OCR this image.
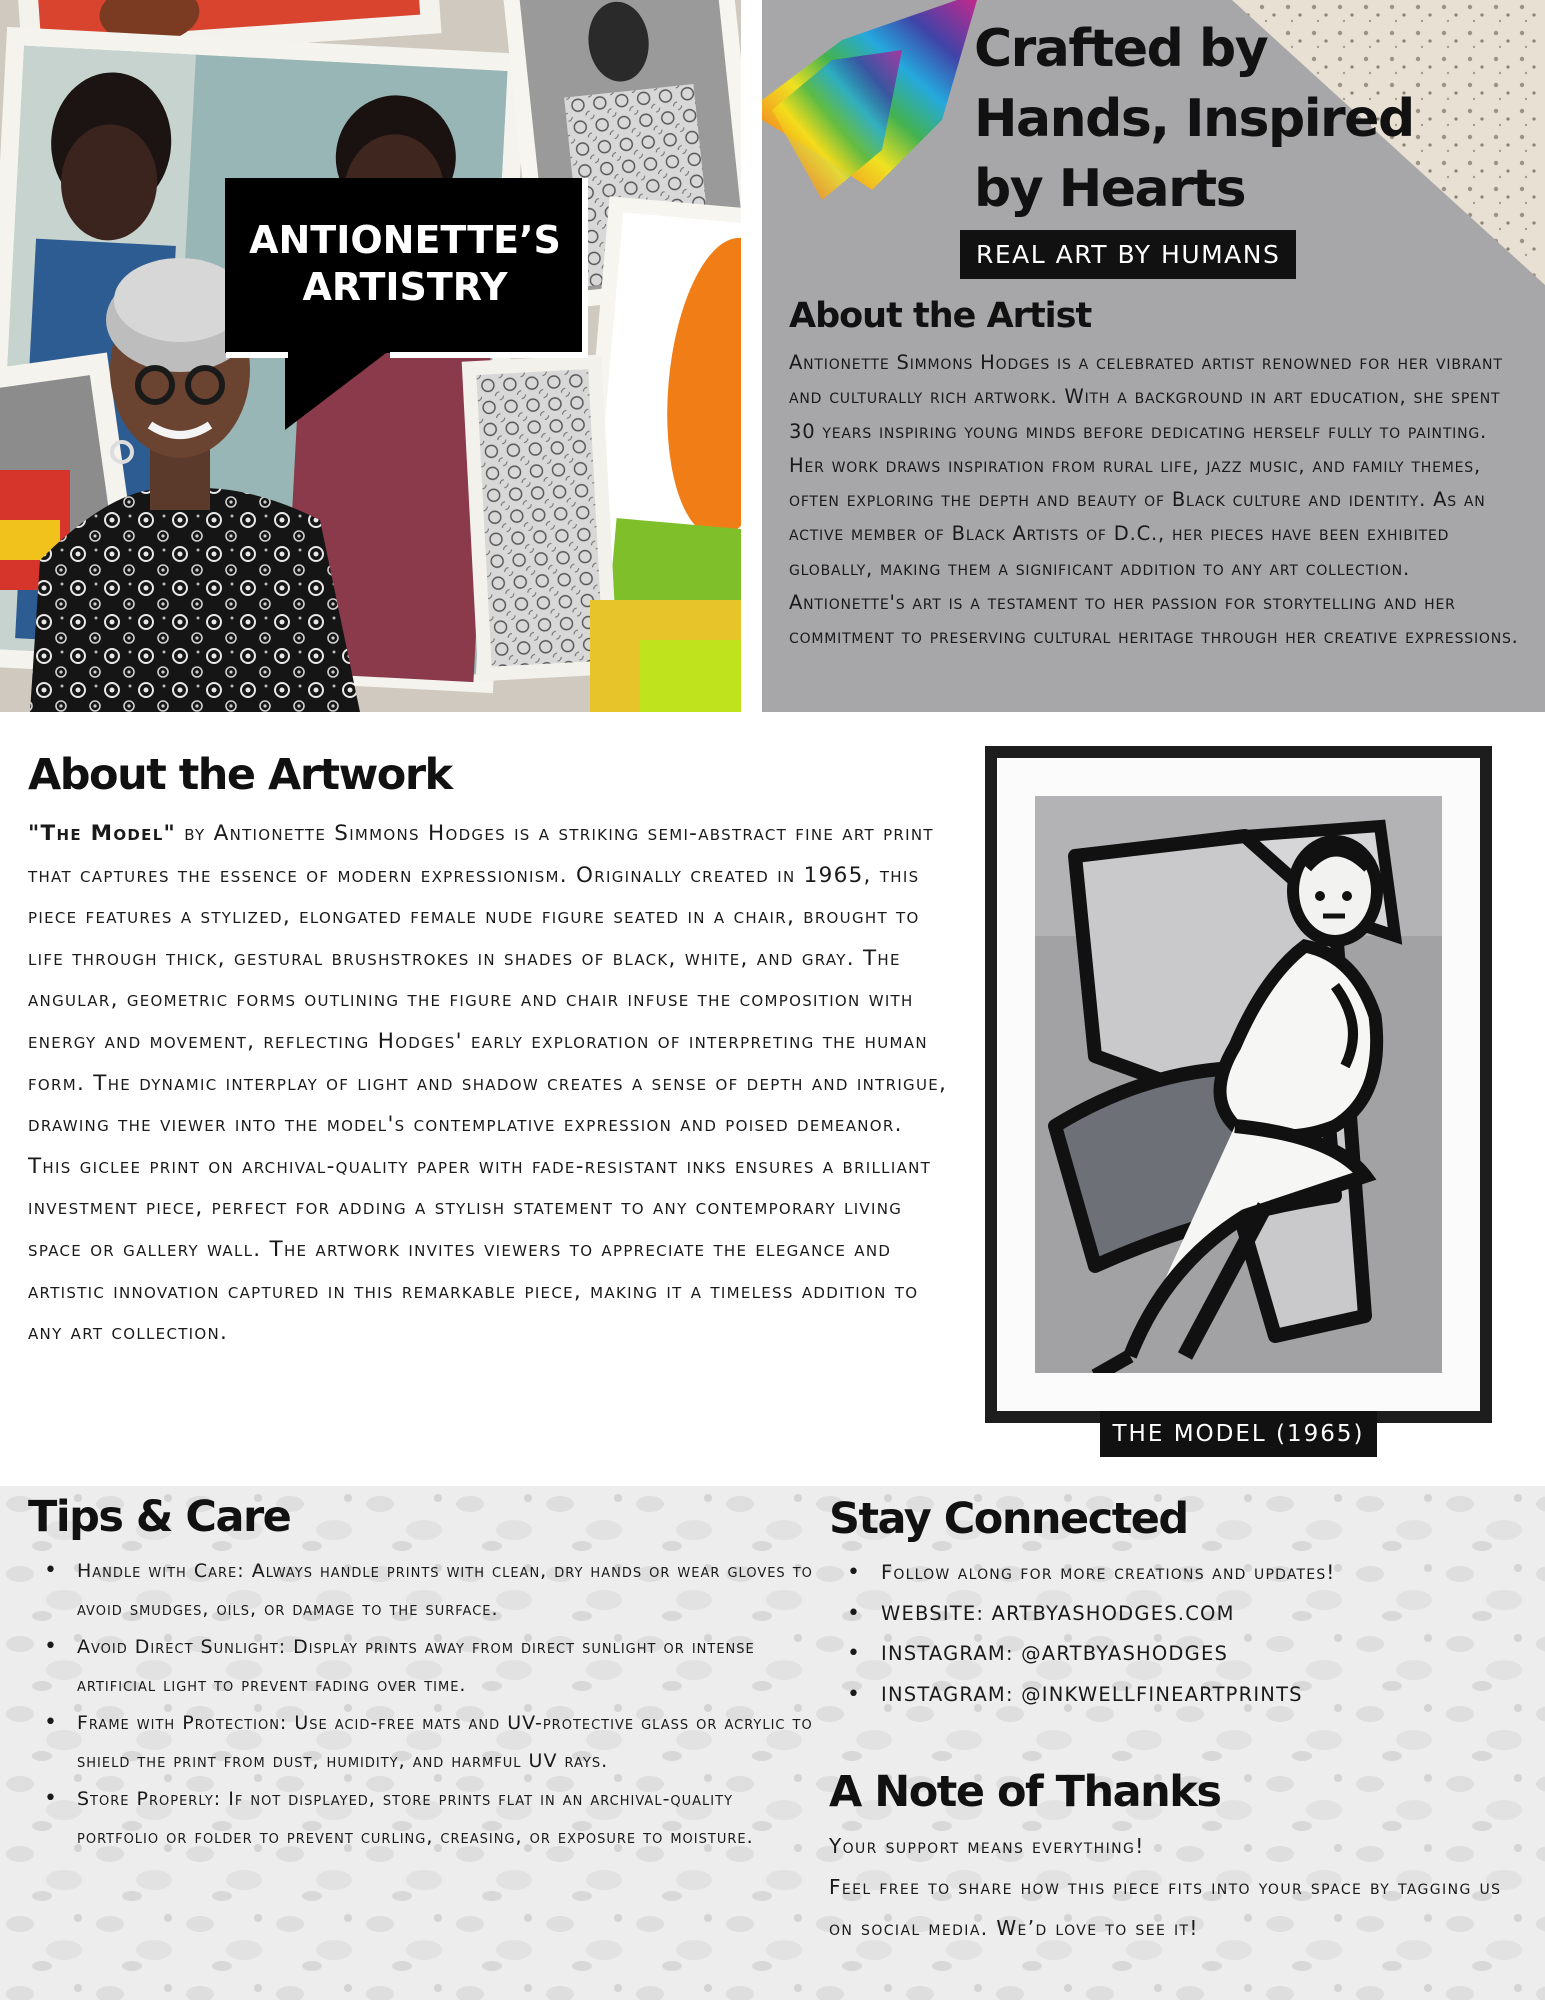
ANTIONETTE’S
ARTISTRY
Crafted by
Hands, Inspired
by Hearts
REAL ART BY HUMANS
About the Artist

Antionette Simmons Hodges is a celebrated artist renowned for her vibrant and culturally rich artwork. With a background in art education, she spent 30 years inspiring young minds before dedicating herself fully to painting. Her work draws inspiration from rural life, jazz music, and family themes, often exploring the depth and beauty of Black culture and identity. As an active member of Black Artists of D.C., her pieces have been exhibited globally, making them a significant addition to any art collection. Antionette's art is a testament to her passion for storytelling and her commitment to preserving cultural heritage through her creative expressions.

About the Artwork

"The Model" by Antionette Simmons Hodges is a striking semi-abstract fine art print that captures the essence of modern expressionism. Originally created in 1965, this piece features a stylized, elongated female nude figure seated in a chair, brought to life through thick, gestural brushstrokes in shades of black, white, and gray. The angular, geometric forms outlining the figure and chair infuse the composition with energy and movement, reflecting Hodges' early exploration of interpreting the human form. The dynamic interplay of light and shadow creates a sense of depth and intrigue, drawing the viewer into the model's contemplative expression and poised demeanor. This giclee print on archival-quality paper with fade-resistant inks ensures a brilliant investment piece, perfect for adding a stylish statement to any contemporary living space or gallery wall. The artwork invites viewers to appreciate the elegance and artistic innovation captured in this remarkable piece, making it a timeless addition to any art collection.

THE MODEL (1965)
Tips & Care
• Handle with Care: Always handle prints with clean, dry hands or wear gloves to avoid smudges, oils, or damage to the surface.
• Avoid Direct Sunlight: Display prints away from direct sunlight or intense artificial light to prevent fading over time.
• Frame with Protection: Use acid-free mats and UV-protective glass or acrylic to shield the print from dust, humidity, and harmful UV rays.
• Store Properly: If not displayed, store prints flat in an archival-quality portfolio or folder to prevent curling, creasing, or exposure to moisture.
Stay Connected
• Follow along for more creations and updates!
• WEBSITE: ARTBYASHODGES.COM
• INSTAGRAM: @ARTBYASHODGES
• INSTAGRAM: @INKWELLFINEARTPRINTS
A Note of Thanks

Your support means everything!
Feel free to share how this piece fits into your space by tagging us on social media. We’d love to see it!
